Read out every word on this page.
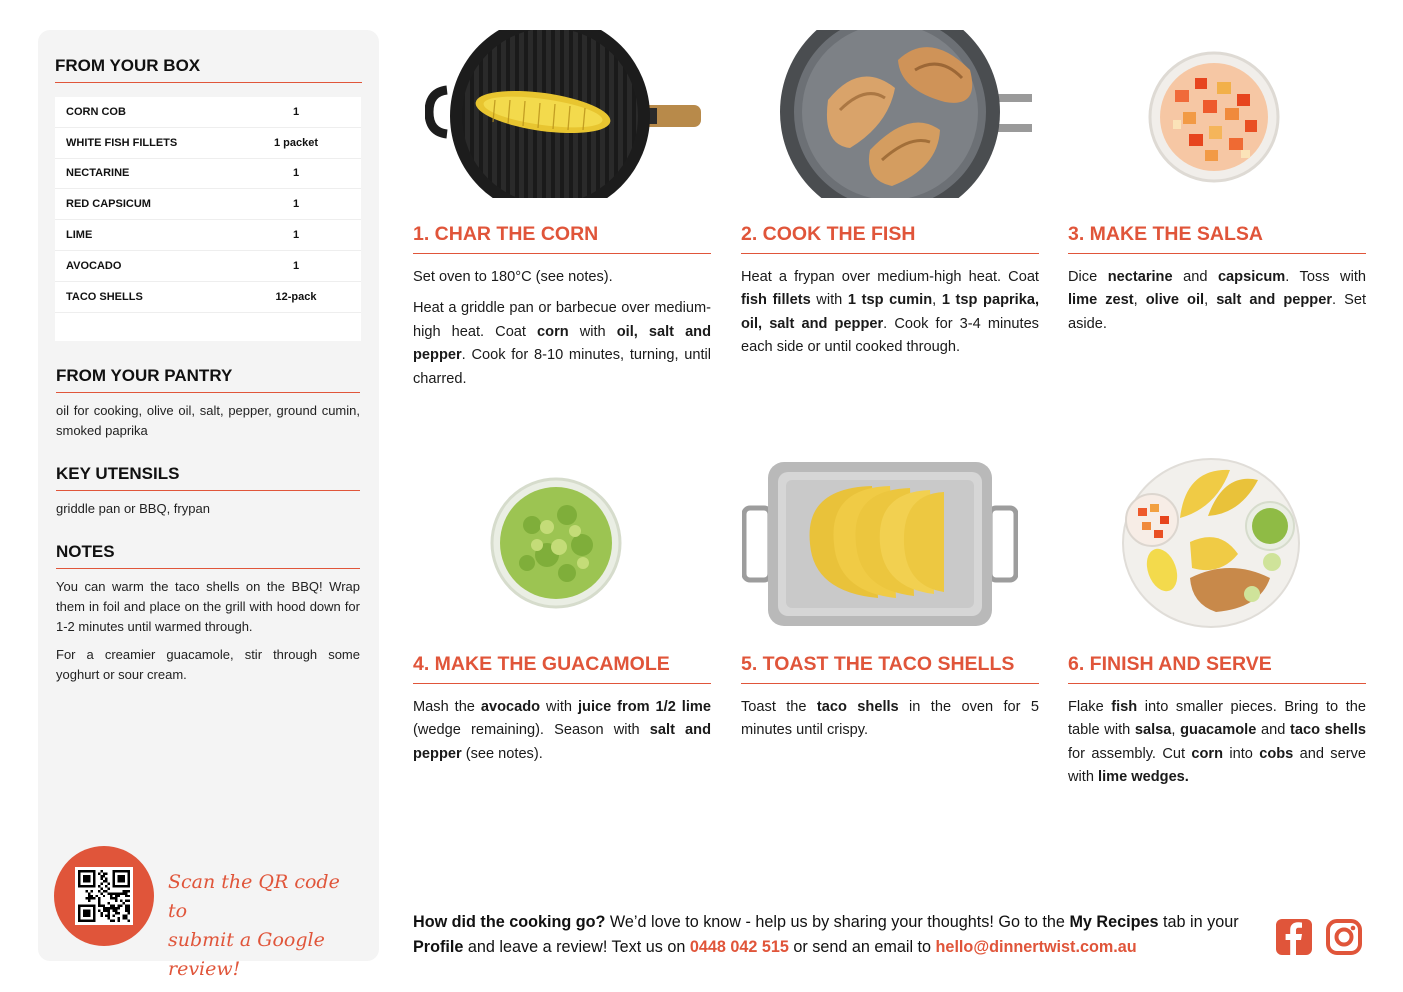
FROM YOUR BOX
CORN COB	1
WHITE FISH FILLETS	1 packet
NECTARINE	1
RED CAPSICUM	1
LIME	1
AVOCADO	1
TACO SHELLS	12-pack
FROM YOUR PANTRY

oil for cooking, olive oil, salt, pepper, ground cumin, smoked paprika

KEY UTENSILS

griddle pan or BBQ, frypan

NOTES

You can warm the taco shells on the BBQ! Wrap them in foil and place on the grill with hood down for 1-2 minutes until warmed through.

For a creamier guacamole, stir through some yoghurt or sour cream.

Scan the QR code to
submit a Google review!
1. CHAR THE CORN

Set oven to 180°C (see notes).

Heat a griddle pan or barbecue over medium-high heat. Coat corn with oil, salt and pepper. Cook for 8-10 minutes, turning, until charred.

2. COOK THE FISH

Heat a frypan over medium-high heat. Coat fish fillets with 1 tsp cumin, 1 tsp paprika, oil, salt and pepper. Cook for 3-4 minutes each side or until cooked through.

3. MAKE THE SALSA

Dice nectarine and capsicum. Toss with lime zest, olive oil, salt and pepper. Set aside.

4. MAKE THE GUACAMOLE

Mash the avocado with juice from 1/2 lime (wedge remaining). Season with salt and pepper (see notes).

5. TOAST THE TACO SHELLS

Toast the taco shells in the oven for 5 minutes until crispy.

6. FINISH AND SERVE

Flake fish into smaller pieces. Bring to the table with salsa, guacamole and taco shells for assembly. Cut corn into cobs and serve with lime wedges.

How did the cooking go? We’d love to know - help us by sharing your thoughts! Go to the My Recipes tab in your Profile and leave a review! Text us on 0448 042 515 or send an email to hello@dinnertwist.com.au
